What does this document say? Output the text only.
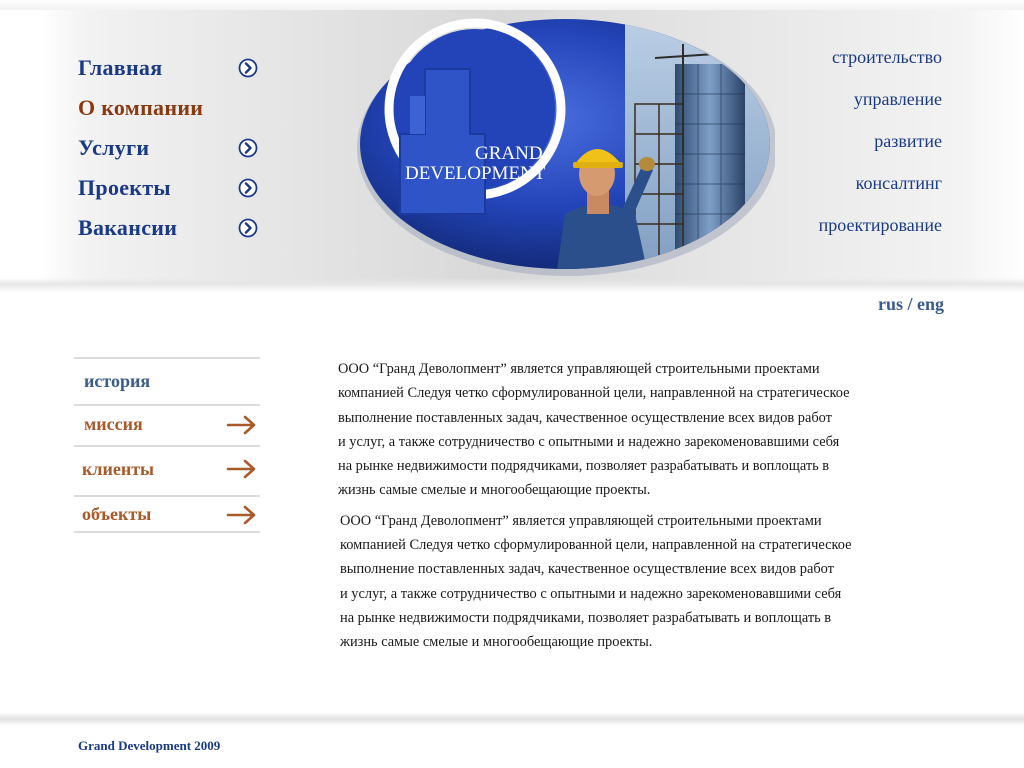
Главная
О компании
Услуги
Проекты
Вакансии
GRAND
DEVELOPMENT
строительство
управление
развитие
консалтинг
проектирование
rus / eng
история
миссия
клиенты
объекты

ООО “Гранд Деволопмент” является управляющей строительными проектами
компанией Следуя четко сформулированной цели, направленной на стратегическое
выполнение поставленных задач, качественное осуществление всех видов работ
и услуг, а также сотрудничество с опытными и надежно зарекоменовавшими себя
на рынке недвижимости подрядчиками, позволяет разрабатывать и воплощать в
жизнь самые смелые и многообещающие проекты.

ООО “Гранд Деволопмент” является управляющей строительными проектами
компанией Следуя четко сформулированной цели, направленной на стратегическое
выполнение поставленных задач, качественное осуществление всех видов работ
и услуг, а также сотрудничество с опытными и надежно зарекоменовавшими себя
на рынке недвижимости подрядчиками, позволяет разрабатывать и воплощать в
жизнь самые смелые и многообещающие проекты.

Grand Development 2009
